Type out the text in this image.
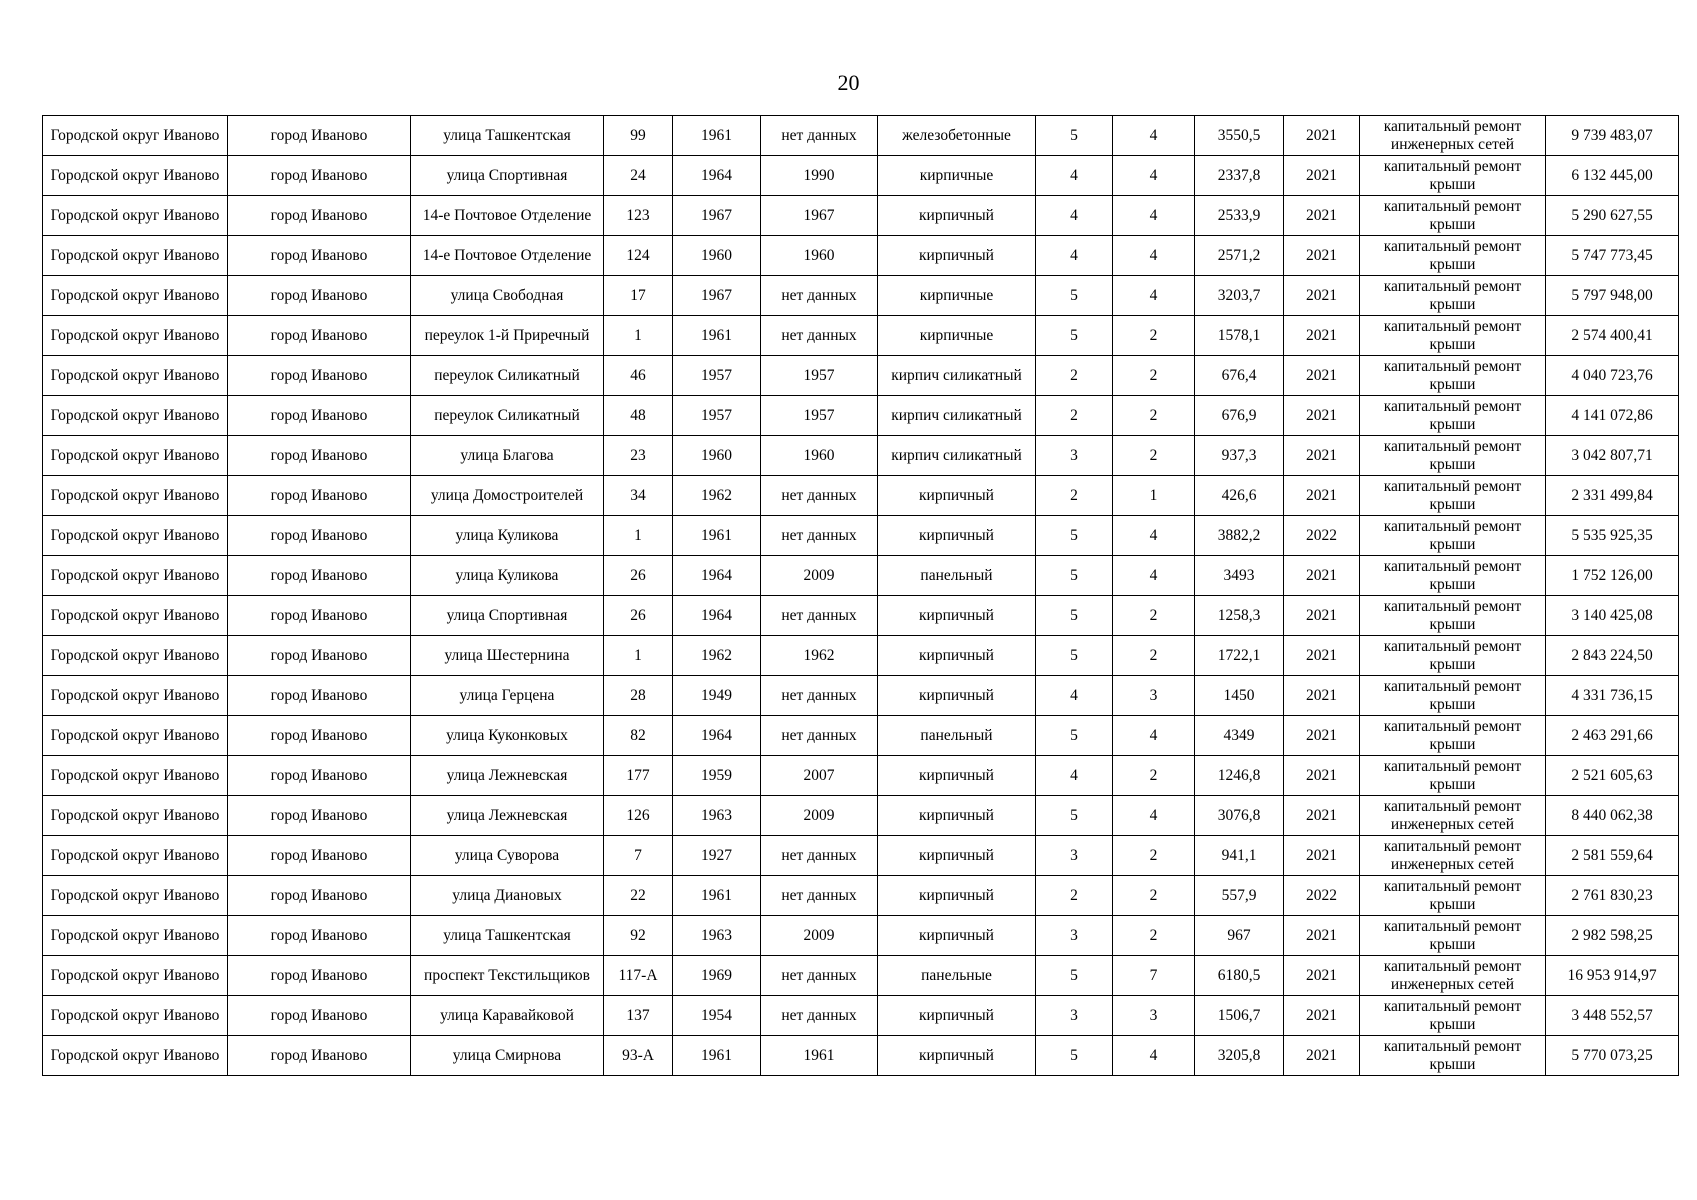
20
Городской округ Иваново	город Иваново	улица Ташкентская	99	1961	нет данных	железобетонные	5	4	3550,5	2021	капитальный ремонт инженерных сетей	9 739 483,07
Городской округ Иваново	город Иваново	улица Спортивная	24	1964	1990	кирпичные	4	4	2337,8	2021	капитальный ремонт крыши	6 132 445,00
Городской округ Иваново	город Иваново	14-е Почтовое Отделение	123	1967	1967	кирпичный	4	4	2533,9	2021	капитальный ремонт крыши	5 290 627,55
Городской округ Иваново	город Иваново	14-е Почтовое Отделение	124	1960	1960	кирпичный	4	4	2571,2	2021	капитальный ремонт крыши	5 747 773,45
Городской округ Иваново	город Иваново	улица Свободная	17	1967	нет данных	кирпичные	5	4	3203,7	2021	капитальный ремонт крыши	5 797 948,00
Городской округ Иваново	город Иваново	переулок 1-й Приречный	1	1961	нет данных	кирпичные	5	2	1578,1	2021	капитальный ремонт крыши	2 574 400,41
Городской округ Иваново	город Иваново	переулок Силикатный	46	1957	1957	кирпич силикатный	2	2	676,4	2021	капитальный ремонт крыши	4 040 723,76
Городской округ Иваново	город Иваново	переулок Силикатный	48	1957	1957	кирпич силикатный	2	2	676,9	2021	капитальный ремонт крыши	4 141 072,86
Городской округ Иваново	город Иваново	улица Благова	23	1960	1960	кирпич силикатный	3	2	937,3	2021	капитальный ремонт крыши	3 042 807,71
Городской округ Иваново	город Иваново	улица Домостроителей	34	1962	нет данных	кирпичный	2	1	426,6	2021	капитальный ремонт крыши	2 331 499,84
Городской округ Иваново	город Иваново	улица Куликова	1	1961	нет данных	кирпичный	5	4	3882,2	2022	капитальный ремонт крыши	5 535 925,35
Городской округ Иваново	город Иваново	улица Куликова	26	1964	2009	панельный	5	4	3493	2021	капитальный ремонт крыши	1 752 126,00
Городской округ Иваново	город Иваново	улица Спортивная	26	1964	нет данных	кирпичный	5	2	1258,3	2021	капитальный ремонт крыши	3 140 425,08
Городской округ Иваново	город Иваново	улица Шестернина	1	1962	1962	кирпичный	5	2	1722,1	2021	капитальный ремонт крыши	2 843 224,50
Городской округ Иваново	город Иваново	улица Герцена	28	1949	нет данных	кирпичный	4	3	1450	2021	капитальный ремонт крыши	4 331 736,15
Городской округ Иваново	город Иваново	улица Куконковых	82	1964	нет данных	панельный	5	4	4349	2021	капитальный ремонт крыши	2 463 291,66
Городской округ Иваново	город Иваново	улица Лежневская	177	1959	2007	кирпичный	4	2	1246,8	2021	капитальный ремонт крыши	2 521 605,63
Городской округ Иваново	город Иваново	улица Лежневская	126	1963	2009	кирпичный	5	4	3076,8	2021	капитальный ремонт инженерных сетей	8 440 062,38
Городской округ Иваново	город Иваново	улица Суворова	7	1927	нет данных	кирпичный	3	2	941,1	2021	капитальный ремонт инженерных сетей	2 581 559,64
Городской округ Иваново	город Иваново	улица Диановых	22	1961	нет данных	кирпичный	2	2	557,9	2022	капитальный ремонт крыши	2 761 830,23
Городской округ Иваново	город Иваново	улица Ташкентская	92	1963	2009	кирпичный	3	2	967	2021	капитальный ремонт крыши	2 982 598,25
Городской округ Иваново	город Иваново	проспект Текстильщиков	117-А	1969	нет данных	панельные	5	7	6180,5	2021	капитальный ремонт инженерных сетей	16 953 914,97
Городской округ Иваново	город Иваново	улица Каравайковой	137	1954	нет данных	кирпичный	3	3	1506,7	2021	капитальный ремонт крыши	3 448 552,57
Городской округ Иваново	город Иваново	улица Смирнова	93-А	1961	1961	кирпичный	5	4	3205,8	2021	капитальный ремонт крыши	5 770 073,25
